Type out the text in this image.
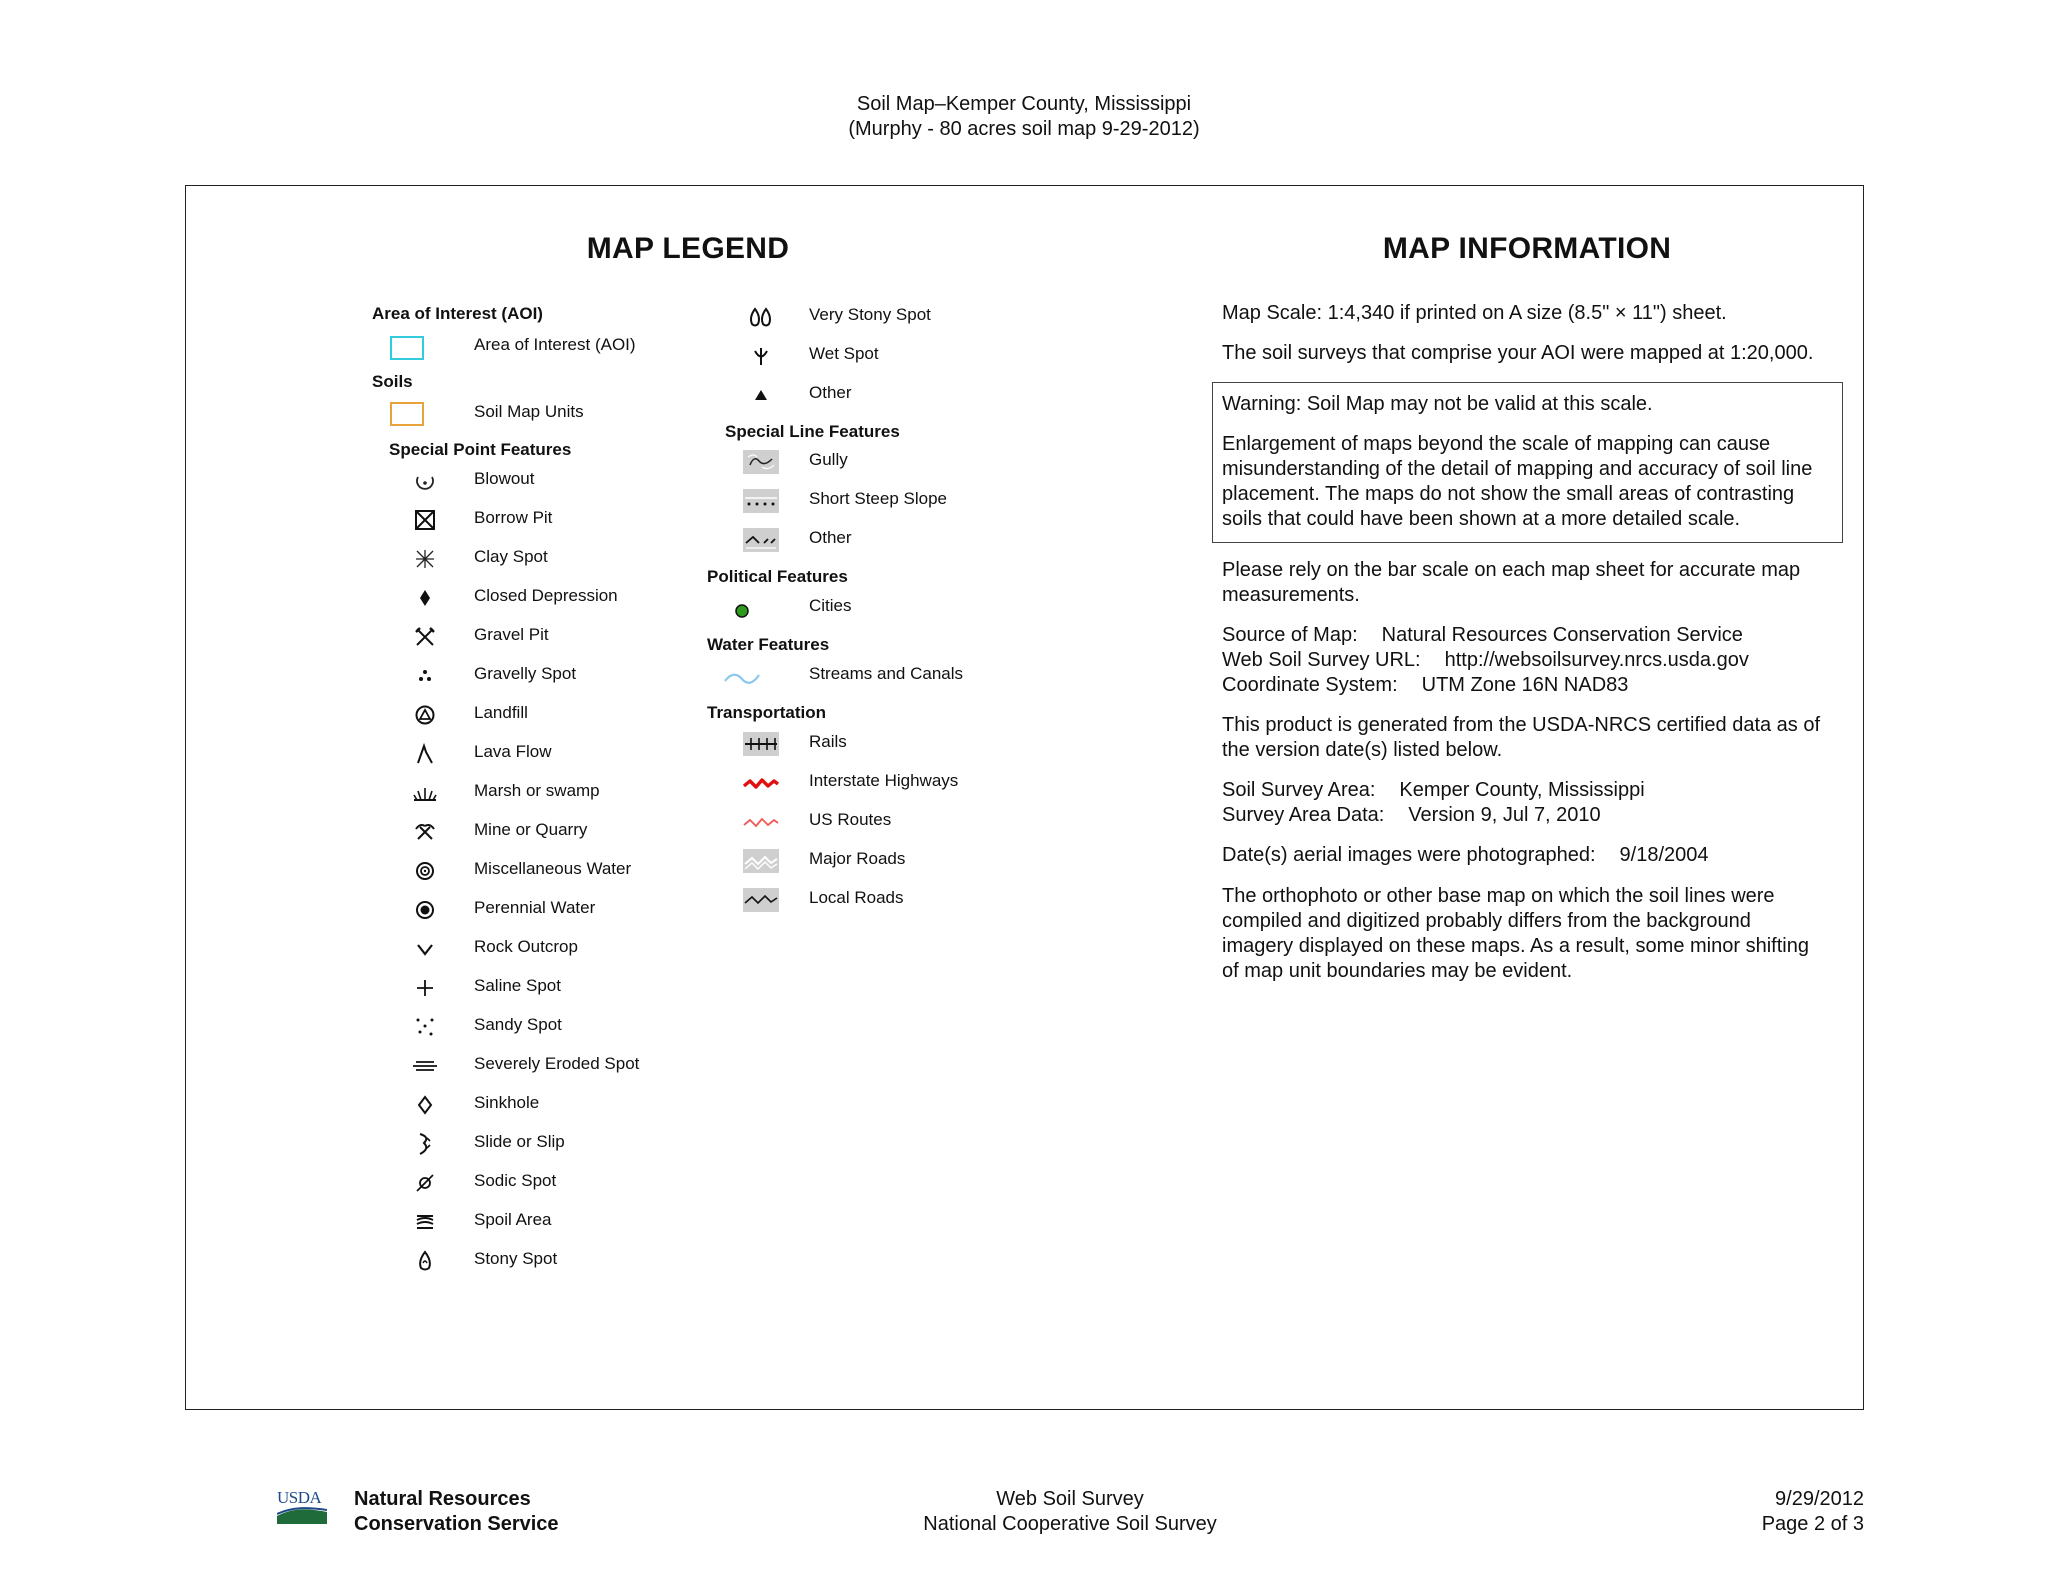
Soil Map–Kemper County, Mississippi
(Murphy - 80 acres soil map 9-29-2012)
MAP LEGEND
Area of Interest (AOI)
Area of Interest (AOI)
Soils
Soil Map Units
Special Point Features
Blowout
Borrow Pit
Clay Spot
Closed Depression
Gravel Pit
Gravelly Spot
Landfill
Lava Flow
Marsh or swamp
Mine or Quarry
Miscellaneous Water
Perennial Water
Rock Outcrop
Saline Spot
Sandy Spot
Severely Eroded Spot
Sinkhole
Slide or Slip
Sodic Spot
Spoil Area
Stony Spot
Very Stony Spot
Wet Spot
Other
Special Line Features
Gully
Short Steep Slope
Other
Political Features
Cities
Water Features
Streams and Canals
Transportation
Rails
Interstate Highways
US Routes
Major Roads
Local Roads
MAP INFORMATION
Map Scale: 1:4,340 if printed on A size (8.5" × 11") sheet.
The soil surveys that comprise your AOI were mapped at 1:20,000.
Warning: Soil Map may not be valid at this scale.
Enlargement of maps beyond the scale of mapping can cause
misunderstanding of the detail of mapping and accuracy of soil line
placement. The maps do not show the small areas of contrasting
soils that could have been shown at a more detailed scale.
Please rely on the bar scale on each map sheet for accurate map
measurements.
Source of Map: Natural Resources Conservation Service
Web Soil Survey URL: http://websoilsurvey.nrcs.usda.gov
Coordinate System: UTM Zone 16N NAD83
This product is generated from the USDA-NRCS certified data as of
the version date(s) listed below.
Soil Survey Area: Kemper County, Mississippi
Survey Area Data: Version 9, Jul 7, 2010
Date(s) aerial images were photographed: 9/18/2004
The orthophoto or other base map on which the soil lines were
compiled and digitized probably differs from the background
imagery displayed on these maps. As a result, some minor shifting
of map unit boundaries may be evident.
USDA Natural Resources
Conservation Service
Web Soil Survey
National Cooperative Soil Survey
9/29/2012
Page 2 of 3
